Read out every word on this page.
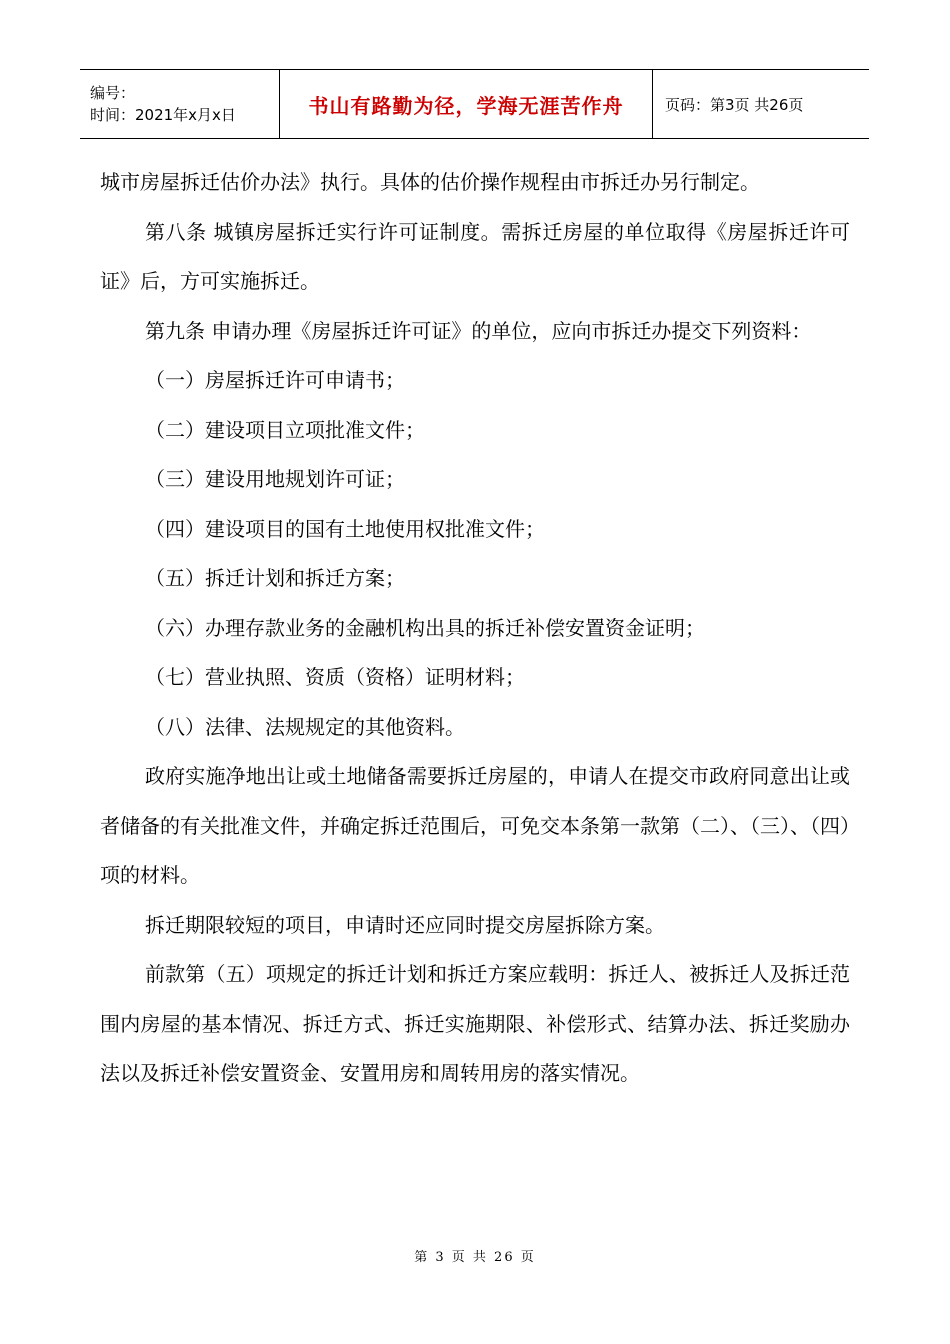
编号：
时间：2021年x月x日	书山有路勤为径，学海无涯苦作舟	页码：第3页 共26页

城市房屋拆迁估价办法》执行。具体的估价操作规程由市拆迁办另行制定。

第八条 城镇房屋拆迁实行许可证制度。需拆迁房屋的单位取得《房屋拆迁许可证》后，方可实施拆迁。

第九条 申请办理《房屋拆迁许可证》的单位，应向市拆迁办提交下列资料：

（一）房屋拆迁许可申请书；

（二）建设项目立项批准文件；

（三）建设用地规划许可证；

（四）建设项目的国有土地使用权批准文件；

（五）拆迁计划和拆迁方案；

（六）办理存款业务的金融机构出具的拆迁补偿安置资金证明；

（七）营业执照、资质（资格）证明材料；

（八）法律、法规规定的其他资料。

政府实施净地出让或土地储备需要拆迁房屋的，申请人在提交市政府同意出让或者储备的有关批准文件，并确定拆迁范围后，可免交本条第一款第（二）、（三）、（四）项的材料。

拆迁期限较短的项目，申请时还应同时提交房屋拆除方案。

前款第（五）项规定的拆迁计划和拆迁方案应载明：拆迁人、被拆迁人及拆迁范围内房屋的基本情况、拆迁方式、拆迁实施期限、补偿形式、结算办法、拆迁奖励办法以及拆迁补偿安置资金、安置用房和周转用房的落实情况。

第 3 页 共 26 页
